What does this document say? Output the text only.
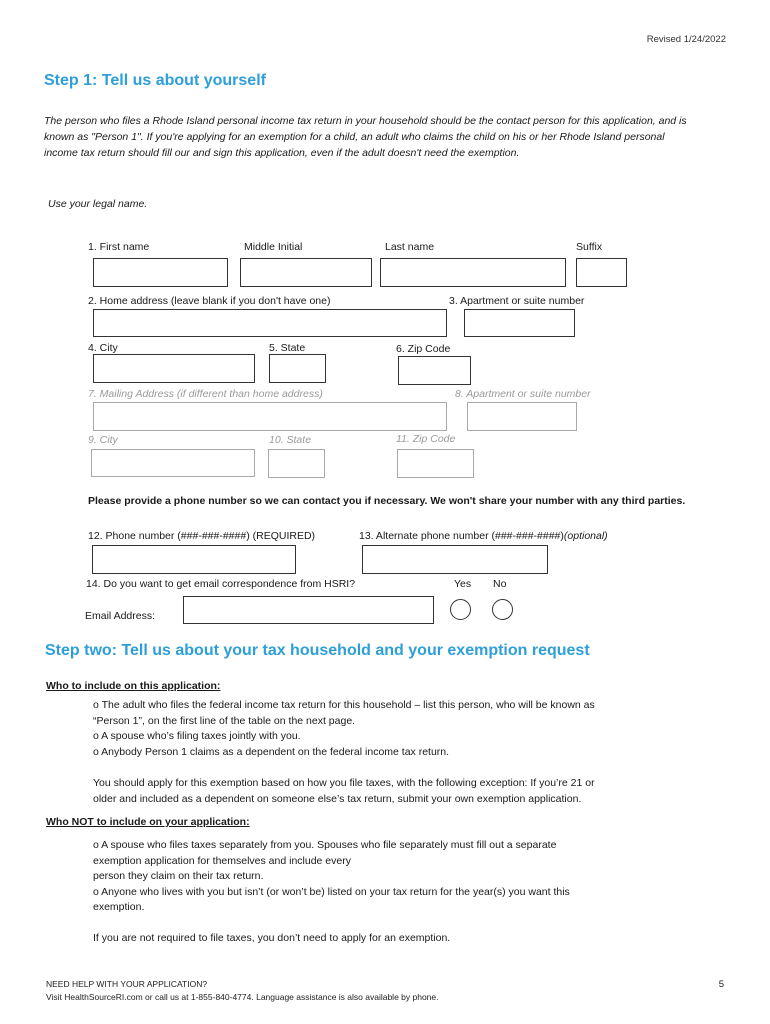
Revised 1/24/2022
Step 1: Tell us about yourself
The person who files a Rhode Island personal income tax return in your household should be the contact person for this application, and is known as "Person 1". If you're applying for an exemption for a child, an adult who claims the child on his or her Rhode Island personal income tax return should fill our and sign this application, even if the adult doesn't need the exemption.
Use your legal name.
1. First name	Middle Initial	Last name	Suffix
2. Home address (leave blank if you don't have one)	3. Apartment or suite number
4. City	5. State	6. Zip Code
7. Mailing Address (if different than home address)	8. Apartment or suite number
9. City	10. State	11. Zip Code
Please provide a phone number so we can contact you if necessary. We won't share your number with any third parties.
12. Phone number (###-###-####) (REQUIRED)	13. Alternate phone number (###-###-####)(optional)
14. Do you want to get email correspondence from HSRI?	Yes No
Email Address:
Step two: Tell us about your tax household and your exemption request
Who to include on this application:
o The adult who files the federal income tax return for this household – list this person, who will be known as
“Person 1”, on the first line of the table on the next page.
o A spouse who’s filing taxes jointly with you.
o Anybody Person 1 claims as a dependent on the federal income tax return.
You should apply for this exemption based on how you file taxes, with the following exception: If you’re 21 or
older and included as a dependent on someone else’s tax return, submit your own exemption application.
Who NOT to include on your application:
o A spouse who files taxes separately from you. Spouses who file separately must fill out a separate
exemption application for themselves and include every
person they claim on their tax return.
o Anyone who lives with you but isn’t (or won’t be) listed on your tax return for the year(s) you want this
exemption.
If you are not required to file taxes, you don’t need to apply for an exemption.
NEED HELP WITH YOUR APPLICATION?
Visit HealthSourceRI.com or call us at 1-855-840-4774. Language assistance is also available by phone.
5
